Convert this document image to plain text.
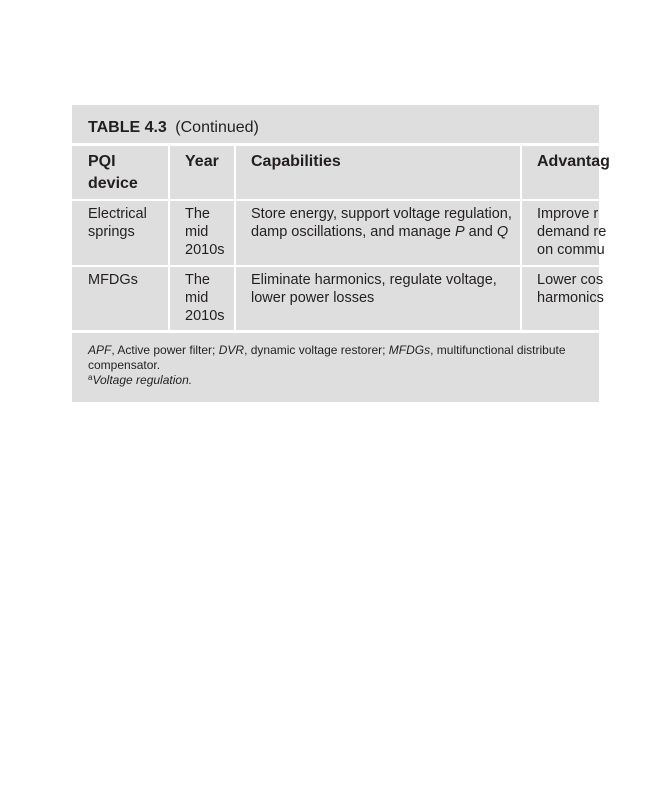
TABLE 4.3 (Continued)
PQI
device
Year Capabilities	Advantag
Electrical
springs
The
mid
2010s
Store energy, support voltage regulation,
damp oscillations, and manage P and Q
Improve r
demand re
on commu
MFDGs	The
mid
2010s
Eliminate harmonics, regulate voltage,
lower power losses
Lower cos
harmonics
APF, Active power filter; DVR, dynamic voltage restorer; MFDGs, multifunctional distribute
compensator.
$^a$Voltage regulation.
